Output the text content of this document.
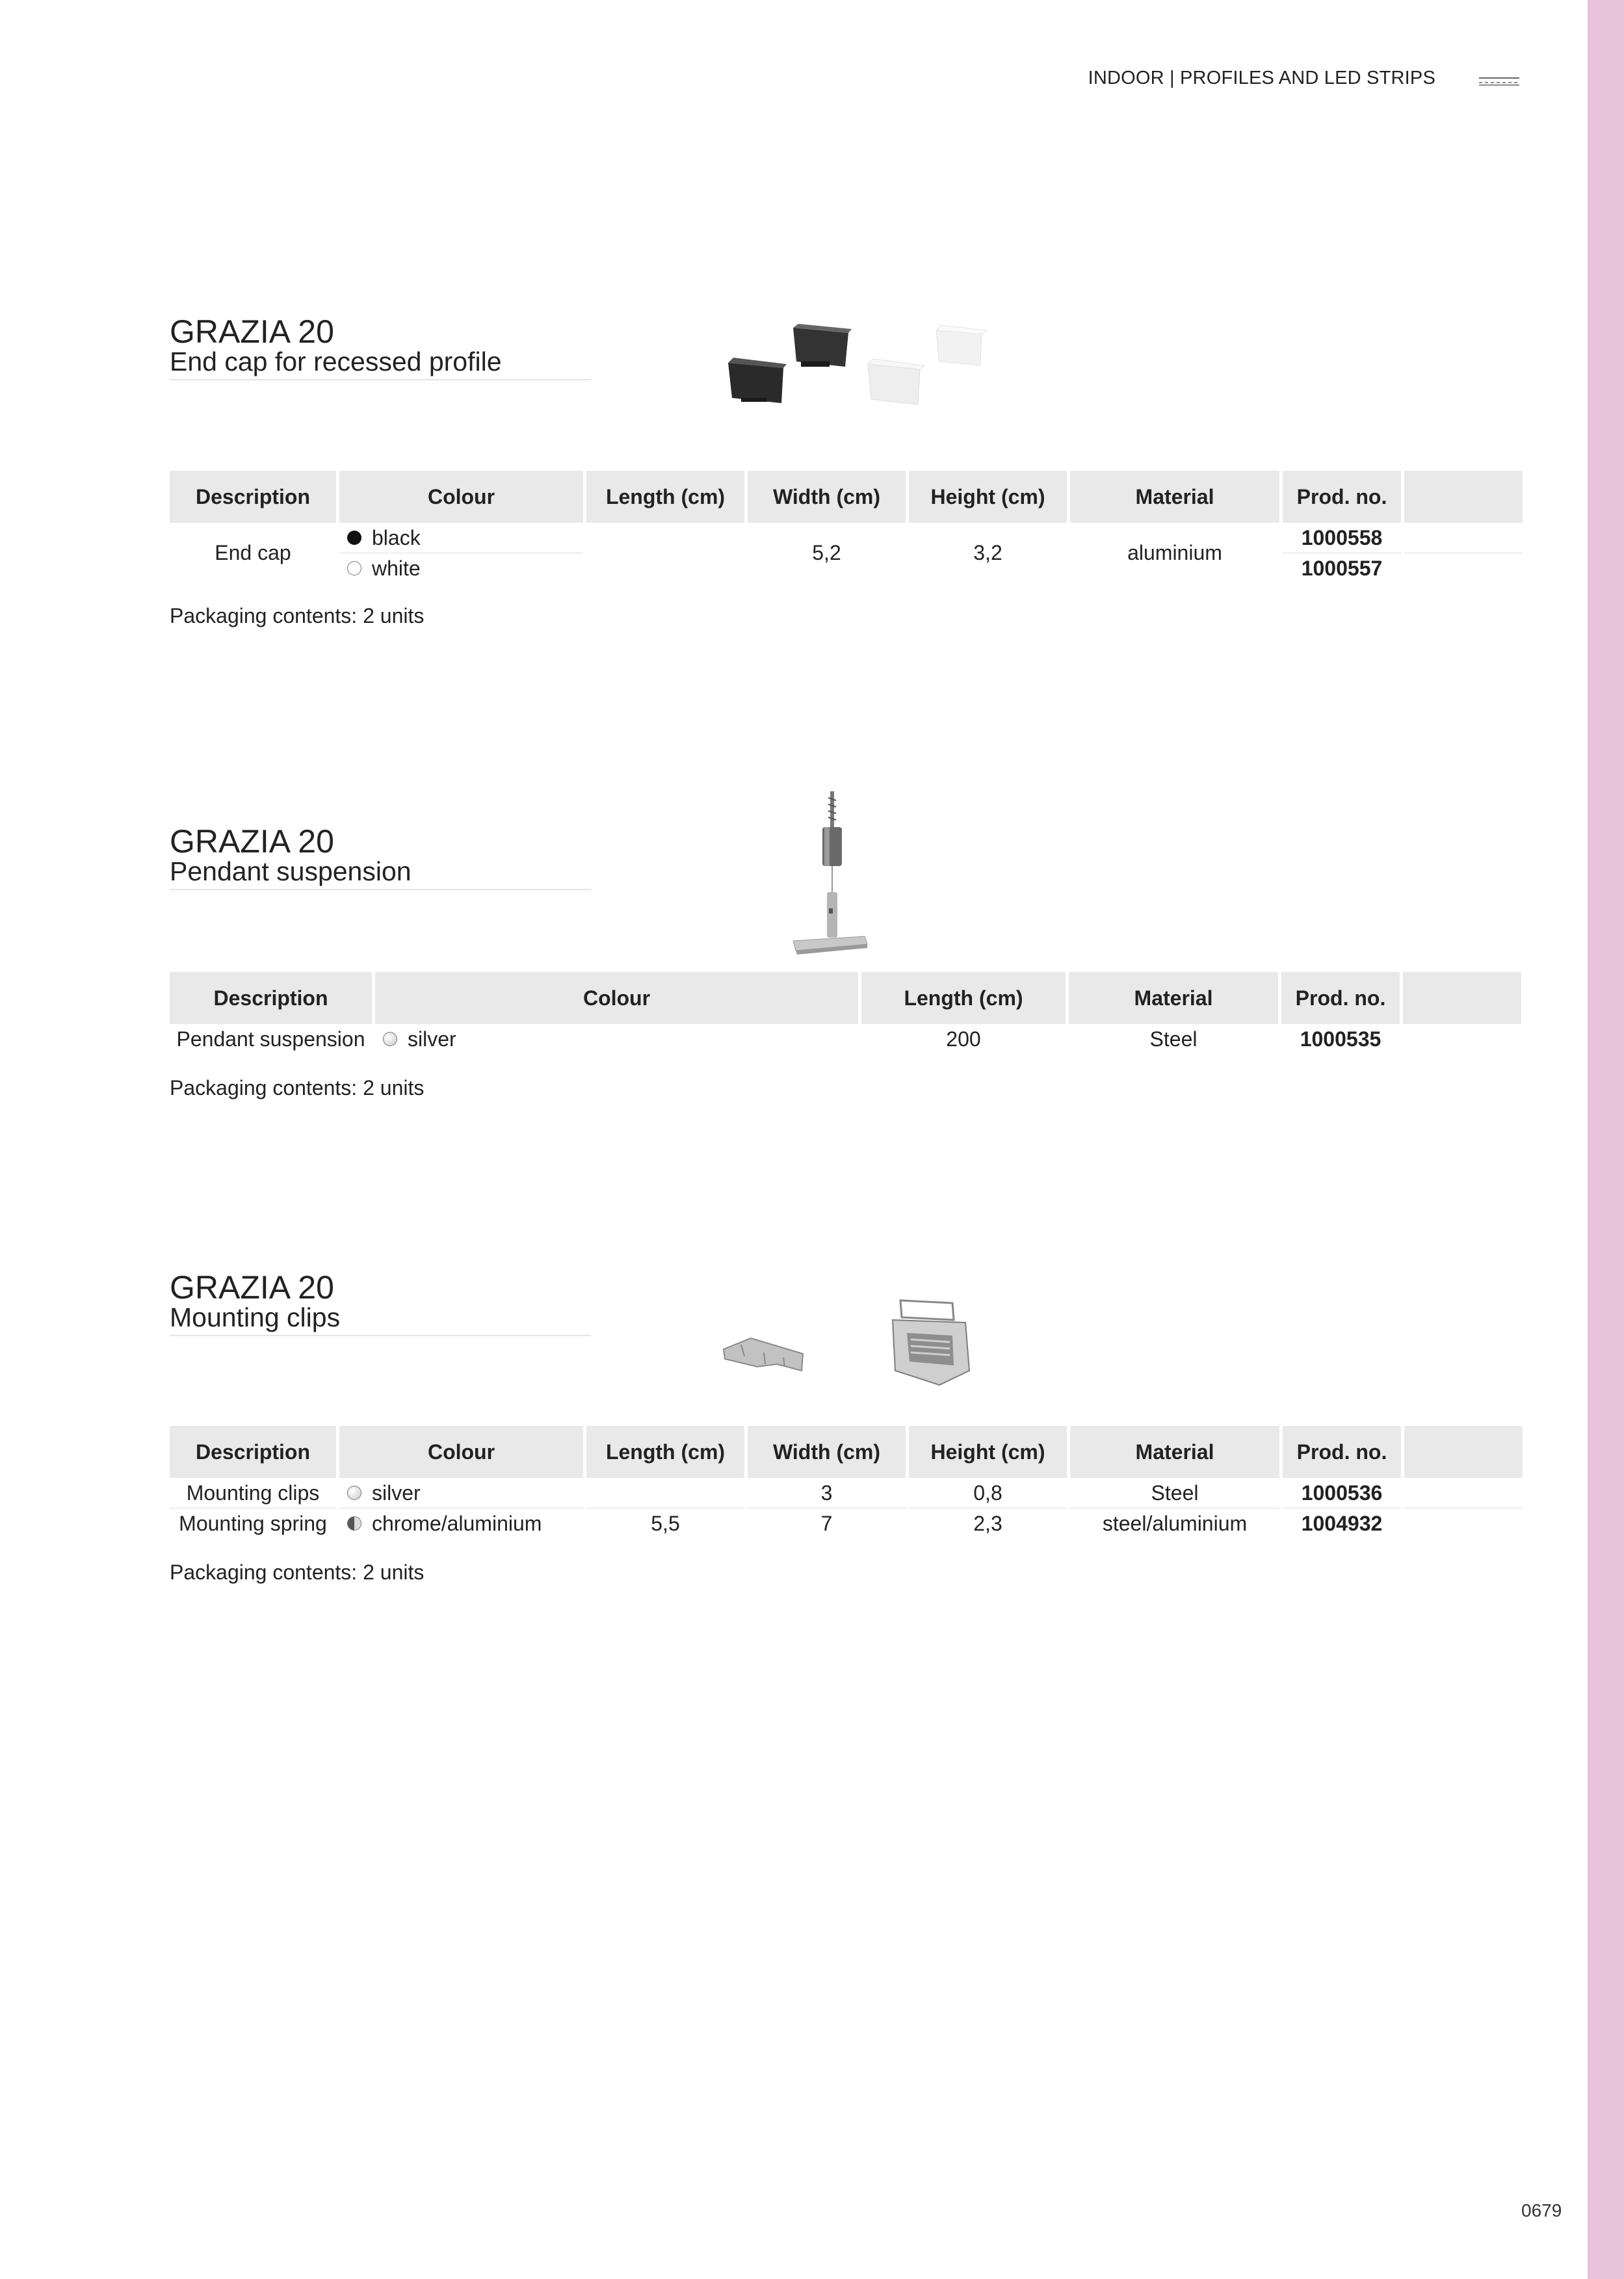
INDOOR | PROFILES AND LED STRIPS
GRAZIA 20
End cap for recessed profile
Description	Colour	Length (cm)	Width (cm)	Height (cm)	Material	Prod. no.	
End cap	black		5,2	3,2	aluminium	1000558	
	white					1000557	
Packaging contents: 2 units
GRAZIA 20
Pendant suspension
Description	Colour	Length (cm)	Material	Prod. no.	
Pendant suspension	silver	200	Steel	1000535	
Packaging contents: 2 units
GRAZIA 20
Mounting clips
Description	Colour	Length (cm)	Width (cm)	Height (cm)	Material	Prod. no.	
Mounting clips	silver		3	0,8	Steel	1000536	
Mounting spring	chrome/aluminium	5,5	7	2,3	steel/aluminium	1004932	
Packaging contents: 2 units
0679
